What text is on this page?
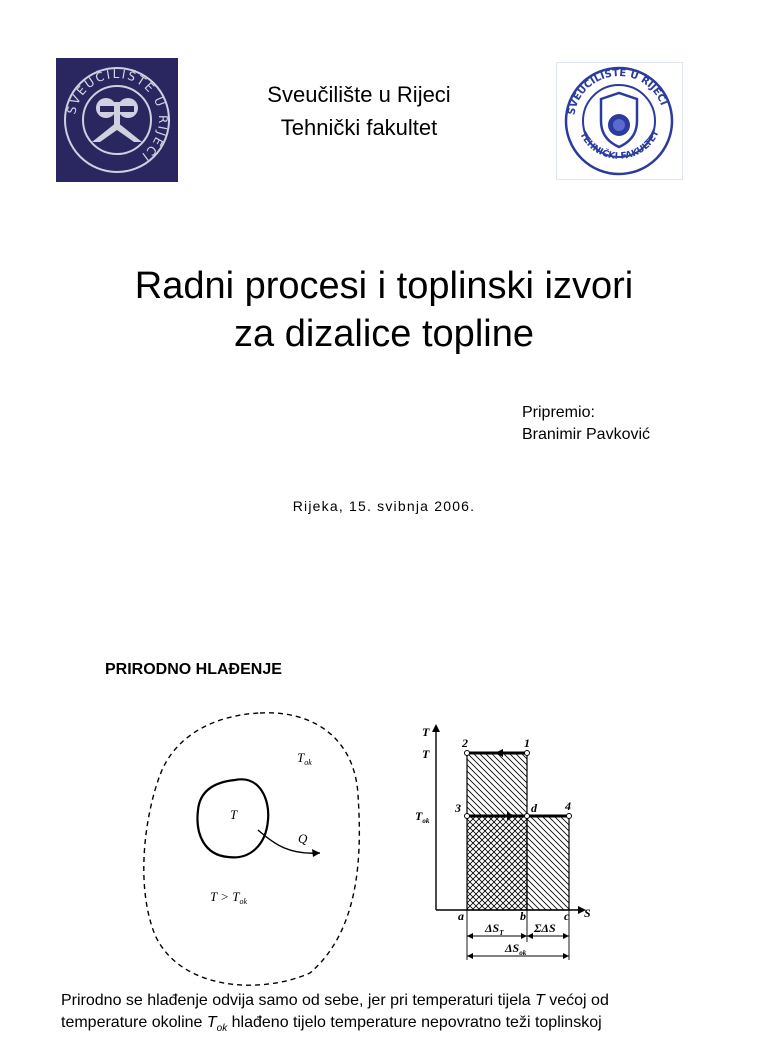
SVEUČILIŠTE U RIJECI
Sveučilište u Rijeci
Tehnički fakultet
SVEUČILIŠTE U RIJECI
TEHNIČKI FAKULTET
Radni procesi i toplinski izvori
za dizalice topline
Pripremio:
Branimir Pavković
Rijeka, 15. svibnja 2006.
PRIRODNO HLAĐENJE
$T_{ok}$
T
Q
$T > T_{ok}$
T
T
$T_{ok}$
S
2	1
3	d 4
a	b	c
$\Delta S_T$	ΣΔS
$\Delta S_{ok}$
Prirodno se hlađenje odvija samo od sebe, jer pri temperaturi tijela T većoj od
temperature okoline $T_{ok}$ hlađeno tijelo temperature nepovratno teži toplinskoj
